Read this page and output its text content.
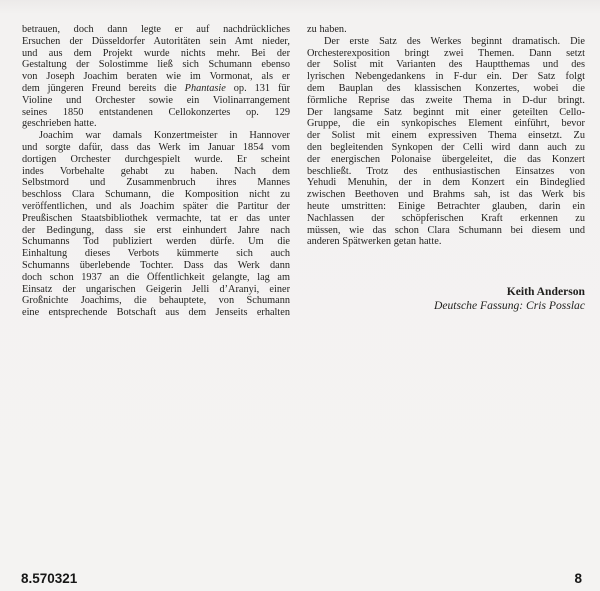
betrauen, doch dann legte er auf nachdrückliches
Ersuchen der Düsseldorfer Autoritäten sein Amt nieder,
und aus dem Projekt wurde nichts mehr. Bei der
Gestaltung der Solostimme ließ sich Schumann ebenso
von Joseph Joachim beraten wie im Vormonat, als er
dem jüngeren Freund bereits die Phantasie op. 131 für
Violine und Orchester sowie ein Violinarrangement
seines 1850 entstandenen Cellokonzertes op. 129
geschrieben hatte.
Joachim war damals Konzertmeister in Hannover
und sorgte dafür, dass das Werk im Januar 1854 vom
dortigen Orchester durchgespielt wurde. Er scheint
indes Vorbehalte gehabt zu haben. Nach dem
Selbstmord und Zusammenbruch ihres Mannes
beschloss Clara Schumann, die Komposition nicht zu
veröffentlichen, und als Joachim später die Partitur der
Preußischen Staatsbibliothek vermachte, tat er das unter
der Bedingung, dass sie erst einhundert Jahre nach
Schumanns Tod publiziert werden dürfe. Um die
Einhaltung dieses Verbots kümmerte sich auch
Schumanns überlebende Tochter. Dass das Werk dann
doch schon 1937 an die Öffentlichkeit gelangte, lag am
Einsatz der ungarischen Geigerin Jelli d’Aranyi, einer
Großnichte Joachims, die behauptete, von Schumann
eine entsprechende Botschaft aus dem Jenseits erhalten
zu haben.
Der erste Satz des Werkes beginnt dramatisch. Die
Orchesterexposition bringt zwei Themen. Dann setzt
der Solist mit Varianten des Hauptthemas und des
lyrischen Nebengedankens in F-dur ein. Der Satz folgt
dem Bauplan des klassischen Konzertes, wobei die
förmliche Reprise das zweite Thema in D-dur bringt.
Der langsame Satz beginnt mit einer geteilten Cello-
Gruppe, die ein synkopisches Element einführt, bevor
der Solist mit einem expressiven Thema einsetzt. Zu
den begleitenden Synkopen der Celli wird dann auch zu
der energischen Polonaise übergeleitet, die das Konzert
beschließt. Trotz des enthusiastischen Einsatzes von
Yehudi Menuhin, der in dem Konzert ein Bindeglied
zwischen Beethoven und Brahms sah, ist das Werk bis
heute umstritten: Einige Betrachter glauben, darin ein
Nachlassen der schöpferischen Kraft erkennen zu
müssen, wie das schon Clara Schumann bei diesem und
anderen Spätwerken getan hatte.
Keith Anderson
Deutsche Fassung: Cris Posslac
8.570321	8
